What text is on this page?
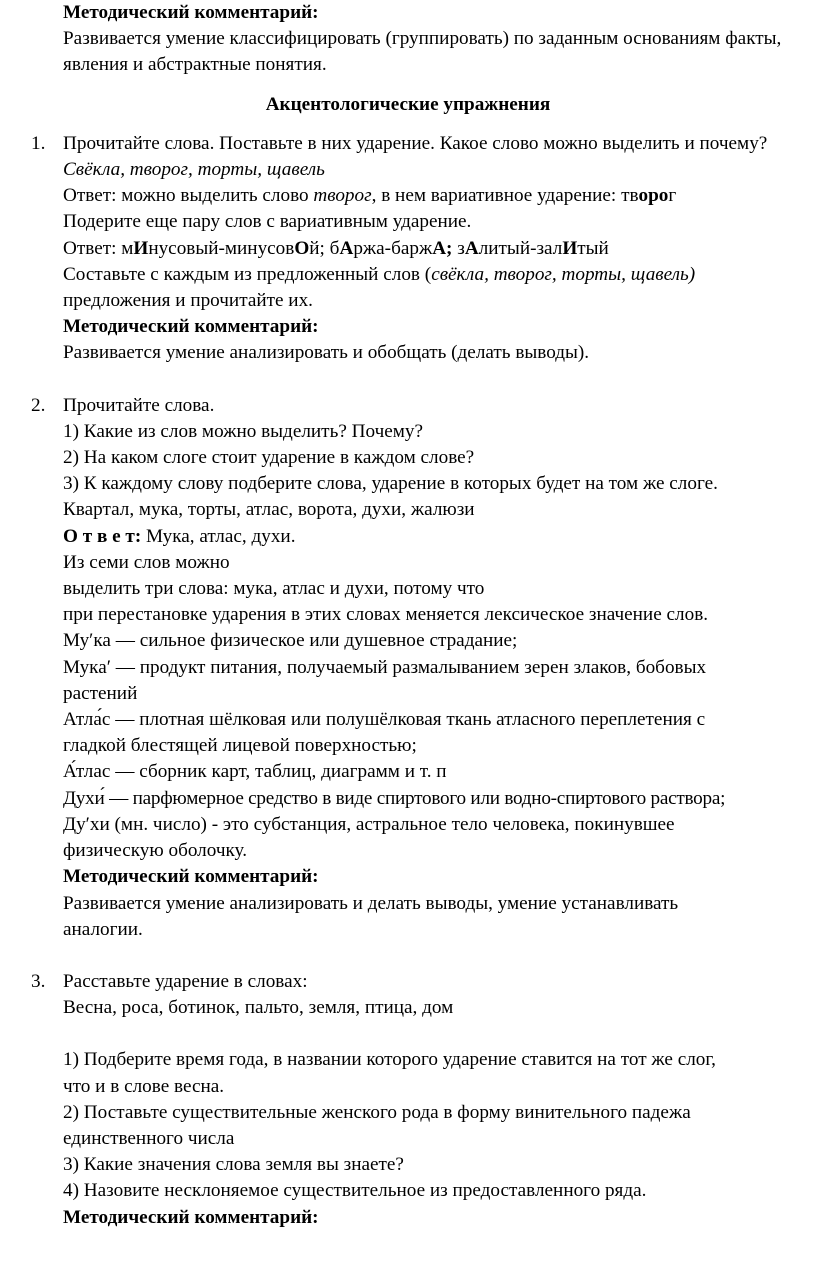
Методический комментарий:
Развивается умение классифицировать (группировать) по заданным основаниям факты, явления и абстрактные понятия.
Акцентологические упражнения
1. Прочитайте слова. Поставьте в них ударение. Какое слово можно выделить и почему?
Свёкла, творог, торты, щавель
Ответ: можно выделить слово творог, в нем вариативное ударение: творог
Подерите еще пару слов с вариативным ударение.
Ответ: мИнусовый-минусовОй; бАржа-баржА; зАлитый-залИтый
Составьте с каждым из предложенный слов (свёкла, творог, торты, щавель)
предложения и прочитайте их.
Методический комментарий:
Развивается умение анализировать и обобщать (делать выводы).
2. Прочитайте слова.
1) Какие из слов можно выделить? Почему?
2) На каком слоге стоит ударение в каждом слове?
3) К каждому слову подберите слова, ударение в которых будет на том же слоге.
Квартал, мука, торты, атлас, ворота, духи, жалюзи
О т в е т: Мука, атлас, духи.
Из семи слов можно
выделить три слова: мука, атлас и духи, потому что
при перестановке ударения в этих словах меняется лексическое значение слов.
Му′ка — сильное физическое или душевное страдание;
Мука′ — продукт питания, получаемый размалыванием зерен злаков, бобовых
растений
Атла́с — плотная шёлковая или полушёлковая ткань атласного переплетения с
гладкой блестящей лицевой поверхностью;
А́тлас — сборник карт, таблиц, диаграмм и т. п
Духи́ — парфюмерное средство в виде спиртового или водно-спиртового раствора;
Ду′хи (мн. число) - это субстанция, астральное тело человека, покинувшее
физическую оболочку.
Методический комментарий:
Развивается умение анализировать и делать выводы, умение устанавливать
аналогии.
3. Расставьте ударение в словах:
Весна, роса, ботинок, пальто, земля, птица, дом
1) Подберите время года, в названии которого ударение ставится на тот же слог,
что и в слове весна.
2) Поставьте существительные женского рода в форму винительного падежа
единственного числа
3) Какие значения слова земля вы знаете?
4) Назовите несклоняемое существительное из предоставленного ряда.
Методический комментарий:
